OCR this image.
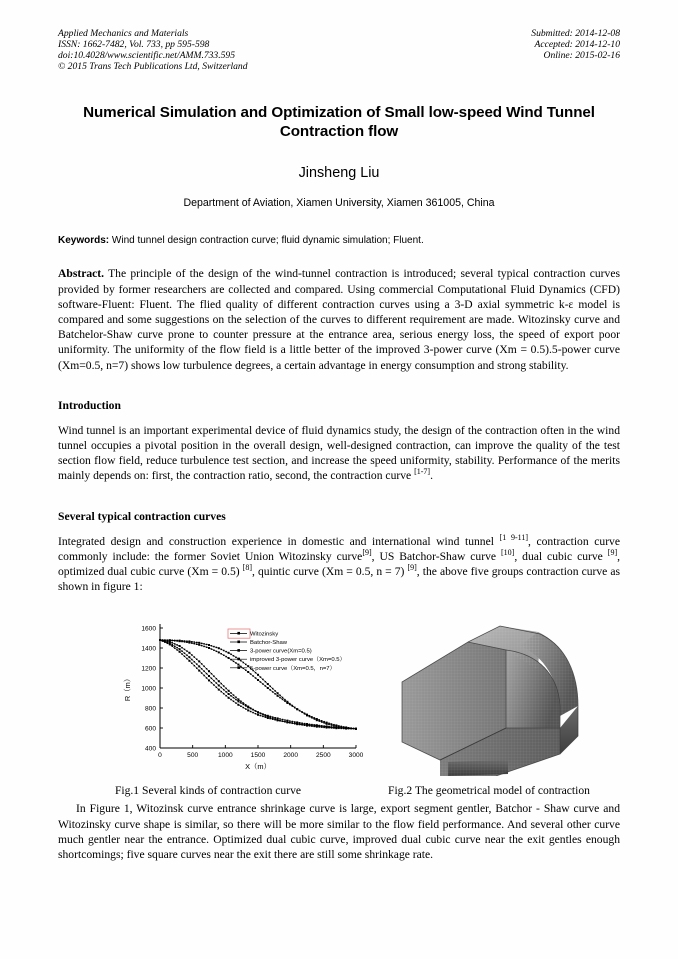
Applied Mechanics and Materials
ISSN: 1662-7482, Vol. 733, pp 595-598
doi:10.4028/www.scientific.net/AMM.733.595
© 2015 Trans Tech Publications Ltd, Switzerland
Submitted: 2014-12-08
Accepted: 2014-12-10
Online: 2015-02-16
Numerical Simulation and Optimization of Small low-speed Wind Tunnel Contraction flow
Jinsheng Liu
Department of Aviation, Xiamen University, Xiamen 361005, China
Keywords: Wind tunnel design contraction curve; fluid dynamic simulation; Fluent.
Abstract. The principle of the design of the wind-tunnel contraction is introduced; several typical contraction curves provided by former researchers are collected and compared. Using commercial Computational Fluid Dynamics (CFD) software-Fluent: Fluent. The flied quality of different contraction curves using a 3-D axial symmetric k-ε model is compared and some suggestions on the selection of the curves to different requirement are made. Witozinsky curve and Batchelor-Shaw curve prone to counter pressure at the entrance area, serious energy loss, the speed of export poor uniformity. The uniformity of the flow field is a little better of the improved 3-power curve (Xm = 0.5).5-power curve (Xm=0.5, n=7) shows low turbulence degrees, a certain advantage in energy consumption and strong stability.
Introduction
Wind tunnel is an important experimental device of fluid dynamics study, the design of the contraction often in the wind tunnel occupies a pivotal position in the overall design, well-designed contraction, can improve the quality of the test section flow field, reduce turbulence test section, and increase the speed uniformity, stability. Performance of the merits mainly depends on: first, the contraction ratio, second, the contraction curve [1-7].
Several typical contraction curves
Integrated design and construction experience in domestic and international wind tunnel [1 9-11], contraction curve commonly include: the former Soviet Union Witozinsky curve[9], US Batchor-Shaw curve [10], dual cubic curve [9], optimized dual cubic curve (Xm = 0.5) [8], quintic curve (Xm = 0.5, n = 7) [9], the above five groups contraction curve as shown in figure 1:
400
600
800
1000
1200
1400
1600
0	500	1000	1500	2000	2500	3000
X（m）
R（m）
Witozinsky
Batchor-Shaw
3-power curve(Xm=0.5)
improved 3-power curve（Xm=0.5）
5-power curve（Xm=0.5，n=7）
Fig.1 Several kinds of contraction curve	Fig.2 The geometrical model of contraction
In Figure 1, Witozinsk curve entrance shrinkage curve is large, export segment gentler, Batchor - Shaw curve and Witozinsky curve shape is similar, so there will be more similar to the flow field performance. And several other curve much gentler near the entrance. Optimized dual cubic curve, improved dual cubic curve near the exit gentles enough shortcomings; five square curves near the exit there are still some shrinkage rate.
